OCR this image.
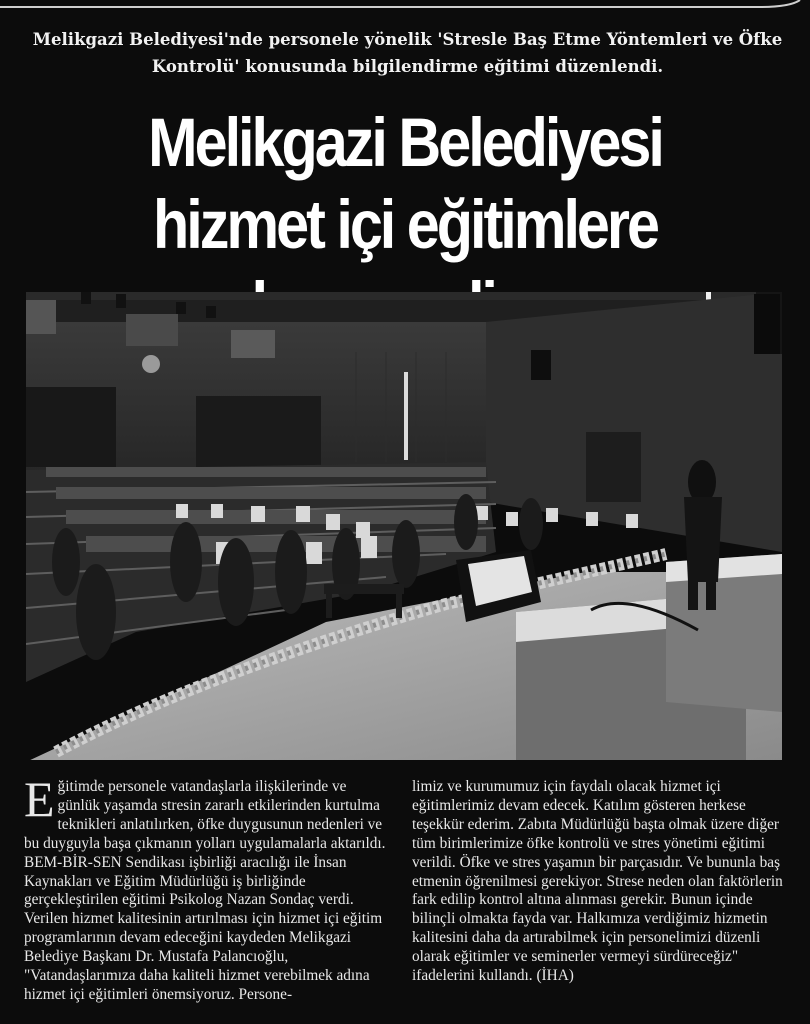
Melikgazi Belediyesi'nde personele yönelik 'Stresle Baş Etme Yöntemleri ve Öfke Kontrolü' konusunda bilgilendirme eğitimi düzenlendi.

Melikgazi Belediyesi hizmet içi eğitimlere

Eğitimde personele vatandaşlarla ilişkilerinde ve günlük yaşamda stresin zararlı etkilerinden kurtulma teknikleri anlatılırken, öfke duygusunun nedenleri ve bu duyguyla başa çıkmanın yolları uygulamalarla aktarıldı. BEM-BİR-SEN Sendikası işbirliği aracılığı ile İnsan Kaynakları ve Eğitim Müdürlüğü iş birliğinde gerçekleştirilen eğitimi Psikolog Nazan Sondaç verdi. Verilen hizmet kalitesinin artırılması için hizmet içi eğitim programlarının devam edeceğini kaydeden Melikgazi Belediye Başkanı Dr. Mustafa Palancıoğlu, "Vatandaşlarımıza daha kaliteli hizmet verebilmek adına hizmet içi eğitimleri önemsiyoruz. Persone-

limiz ve kurumumuz için faydalı olacak hizmet içi eğitimlerimiz devam edecek. Katılım gösteren herkese teşekkür ederim. Zabıta Müdürlüğü başta olmak üzere diğer tüm birimlerimize öfke kontrolü ve stres yönetimi eğitimi verildi. Öfke ve stres yaşamın bir parçasıdır. Ve bununla baş etmenin öğrenilmesi gerekiyor. Strese neden olan faktörlerin fark edilip kontrol altına alınması gerekir. Bunun içinde bilinçli olmakta fayda var. Halkımıza verdiğimiz hizmetin kalitesini daha da artırabilmek için personelimizi düzenli olarak eğitimler ve seminerler vermeyi sürdüreceğiz" ifadelerini kullandı. (İHA)
